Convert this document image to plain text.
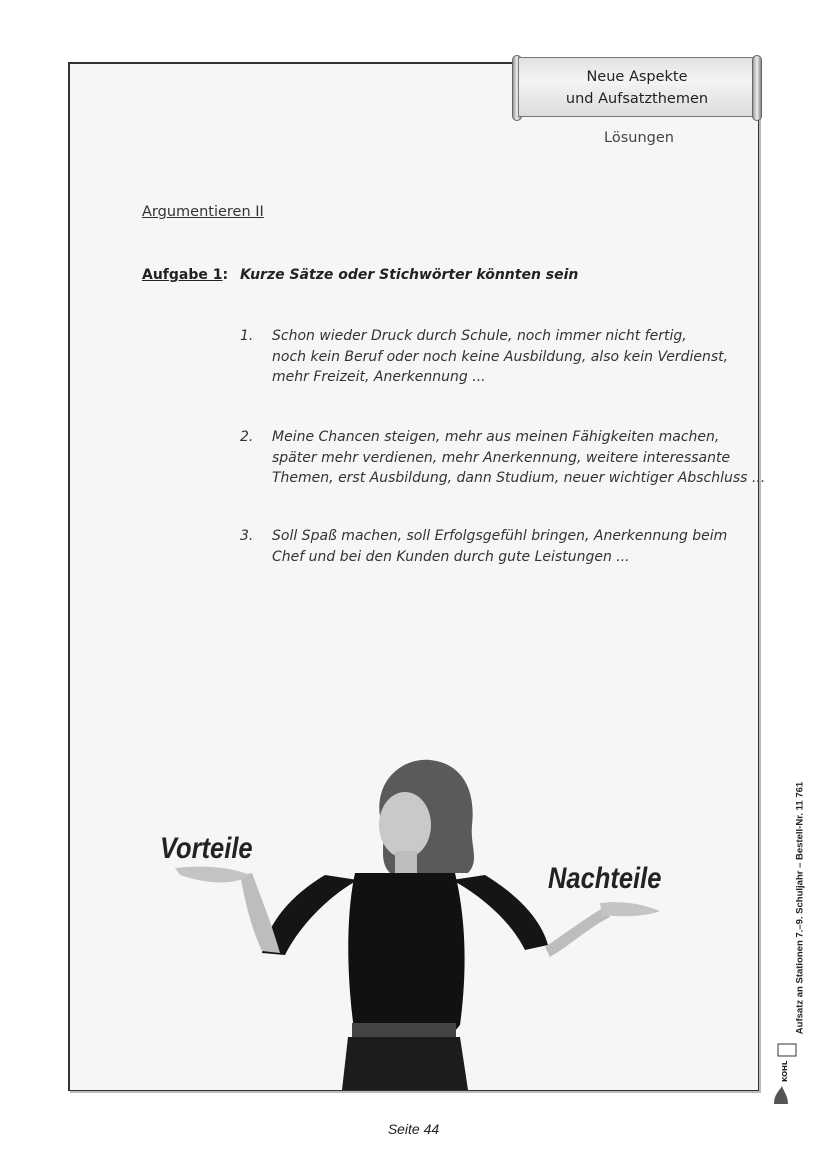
Neue Aspekte
und Aufsatzthemen
Lösungen
Argumentieren II
Aufgabe 1: Kurze Sätze oder Stichwörter könnten sein
1. Schon wieder Druck durch Schule, noch immer nicht fertig,
noch kein Beruf oder noch keine Ausbildung, also kein Verdienst,
mehr Freizeit, Anerkennung ...
2. Meine Chancen steigen, mehr aus meinen Fähigkeiten machen,
später mehr verdienen, mehr Anerkennung, weitere interessante
Themen, erst Ausbildung, dann Studium, neuer wichtiger Abschluss ...
3. Soll Spaß machen, soll Erfolgsgefühl bringen, Anerkennung beim
Chef und bei den Kunden durch gute Leistungen ...
Vorteile
Nachteile	Aufsatz an Stationen 7.–9. Schuljahr – Bestell-Nr. 11 761
KOHL
Seite 44
